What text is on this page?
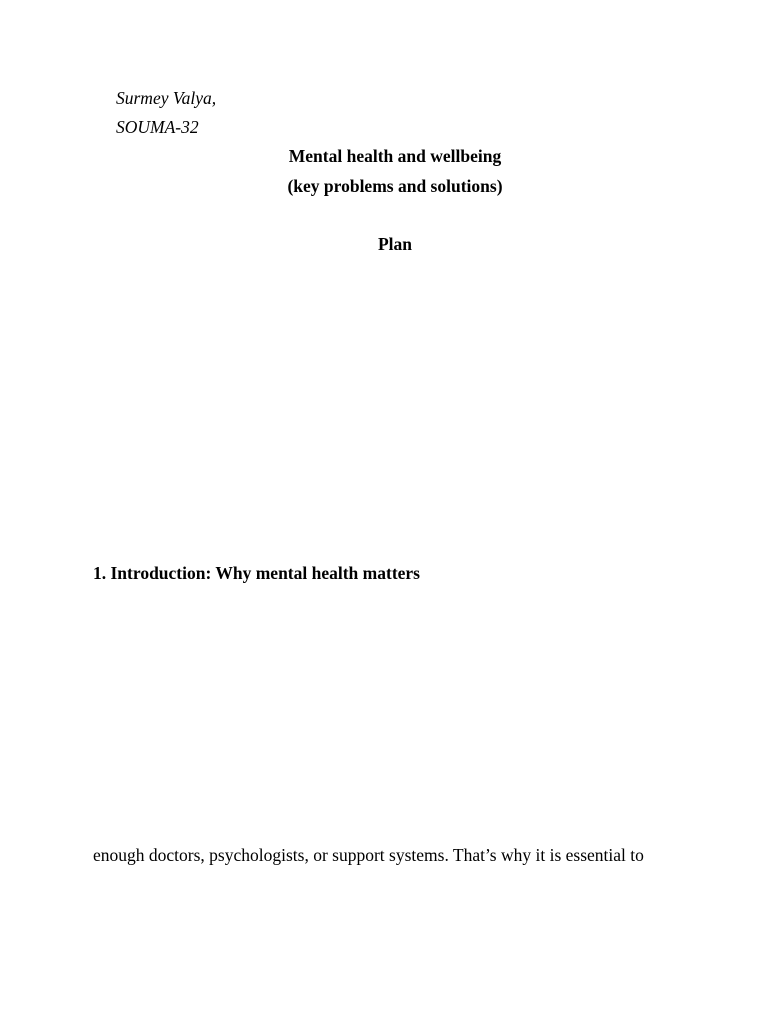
Surmey Valya,
SOUMA-32
Mental health and wellbeing
(key problems and solutions)
Plan
1. Introduction: Why mental health matters
enough doctors, psychologists, or support systems. That’s why it is essential to
